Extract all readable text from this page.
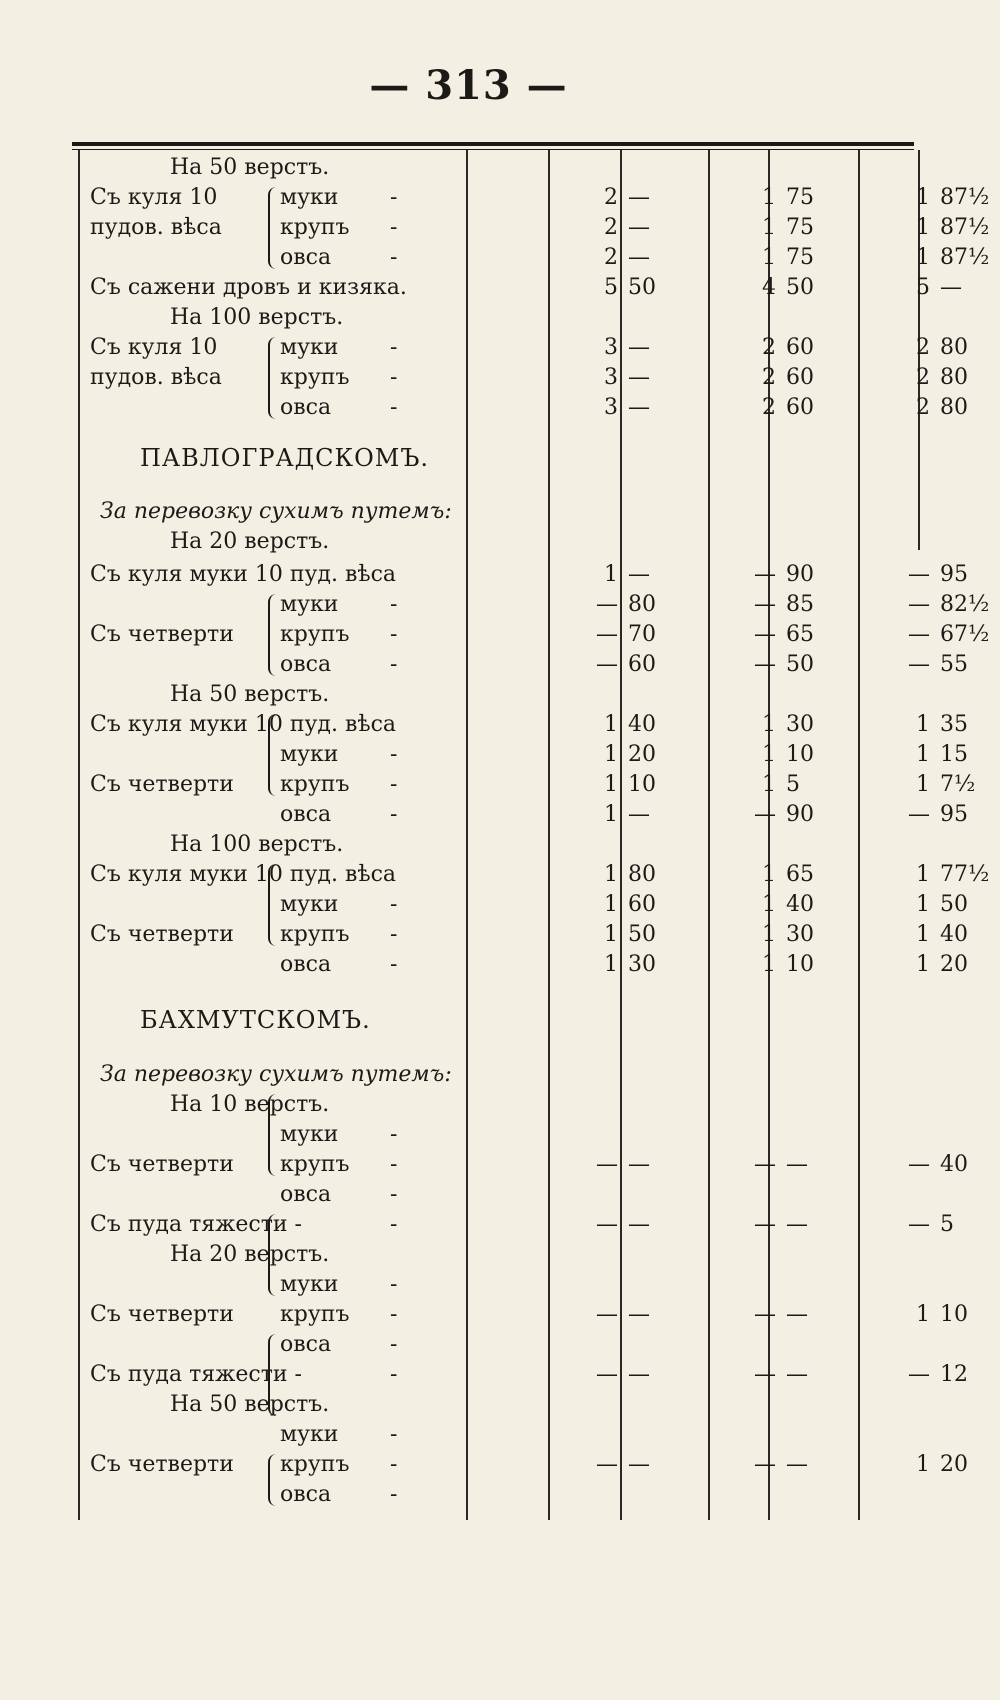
— 313 —
На 50 верстъ.
Съ куля 10	муки -	2 —	1 75	1 87½
пудов. вѣса	крупъ -	2 —	1 75	1 87½
овса	-	2 —	1 75	1 87½
Съ сажени дровъ и кизяка.	5 50	4 50	5 —
На 100 верстъ.
Съ куля 10	муки -	3 —	2 60	2 80
пудов. вѣса	крупъ -	3 —	2 60	2 80
овса	-	3 —	2 60	2 80
ПАВЛОГРАДСКОМЪ.
За перевозку сухимъ путемъ:
На 20 верстъ.
Съ куля муки 10 пуд. вѣса	1 —	— 90	— 95
муки -	— 80	— 85	— 82½
Съ четверти крупъ -	— 70	— 65	— 67½
овса	-	— 60	— 50	— 55
На 50 верстъ.
Съ куля муки 10 пуд. вѣса	1 40	1 30	1 35
муки -	1 20	1 10	1 15
Съ четверти крупъ -	1 10	1 5	1 7½
овса	-	1 —	— 90	— 95
На 100 верстъ.
Съ куля муки 10 пуд. вѣса	1 80	1 65	1 77½
муки -	1 60	1 40	1 50
Съ четверти крупъ -	1 50	1 30	1 40
овса	-	1 30	1 10	1 20
БАХМУТСКОМЪ.
За перевозку сухимъ путемъ:
На 10 верстъ.
муки -
Съ четверти крупъ -	— —	— —	— 40
овса	-
Съ пуда тяжести -	-	— —	— —	— 5
На 20 верстъ.
муки -
Съ четверти крупъ -	— —	— —	1 10
овса	-
Съ пуда тяжести -	-	— —	— —	— 12
На 50 верстъ.
муки -
Съ четверти крупъ -	— —	— —	1 20
овса	-
